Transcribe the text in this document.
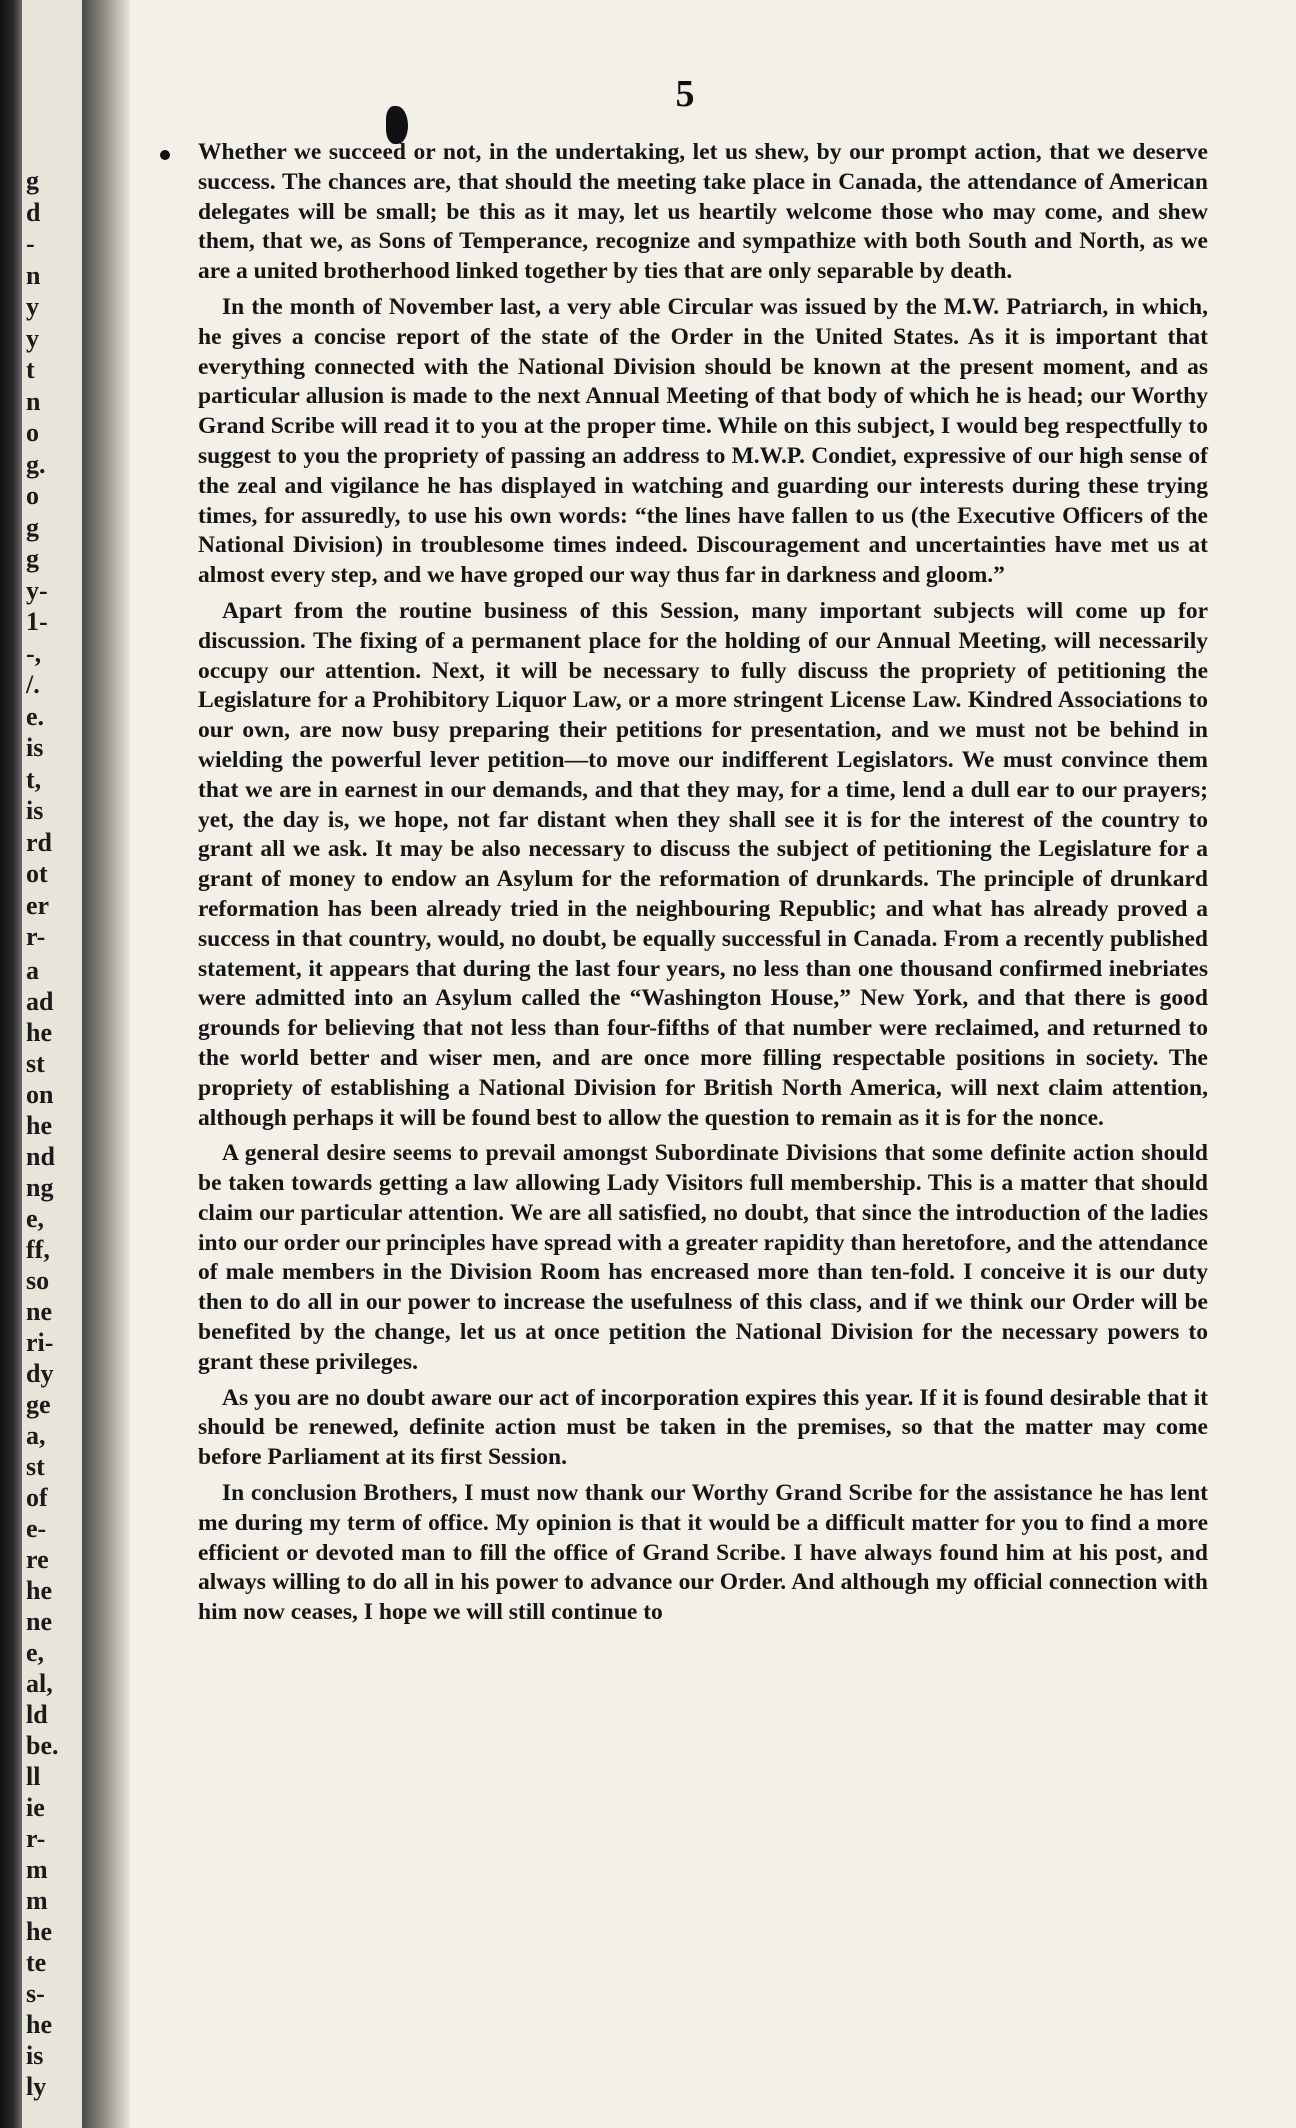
g
d
-
n
y
y
t
n
o
g.
o
g
g
y-
1-
-,
/.
e.
is
t,
is
rd
ot
er
r-
a
ad
he
st
on
he
nd
ng
e,
ff,
so
ne
ri-
dy
ge
a,
st
of
e-
re
he
ne
e,
al,
ld
be.
ll
ie
r-
m
m
he
te
s-
he
is
ly
5

Whether we succeed or not, in the undertaking, let us shew, by our prompt action, that we deserve success. The chances are, that should the meeting take place in Canada, the attendance of American delegates will be small; be this as it may, let us heartily welcome those who may come, and shew them, that we, as Sons of Temperance, recognize and sympathize with both South and North, as we are a united brotherhood linked together by ties that are only separable by death.

In the month of November last, a very able Circular was issued by the M.W. Patriarch, in which, he gives a concise report of the state of the Order in the United States. As it is important that everything connected with the National Division should be known at the present moment, and as particular allusion is made to the next Annual Meeting of that body of which he is head; our Worthy Grand Scribe will read it to you at the proper time. While on this subject, I would beg respectfully to suggest to you the propriety of passing an address to M.W.P. Condiet, expressive of our high sense of the zeal and vigilance he has displayed in watching and guarding our interests during these trying times, for assuredly, to use his own words: “the lines have fallen to us (the Executive Officers of the National Division) in troublesome times indeed. Discouragement and uncertainties have met us at almost every step, and we have groped our way thus far in darkness and gloom.”

Apart from the routine business of this Session, many important subjects will come up for discussion. The fixing of a permanent place for the holding of our Annual Meeting, will necessarily occupy our attention. Next, it will be necessary to fully discuss the propriety of petitioning the Legislature for a Prohibitory Liquor Law, or a more stringent License Law. Kindred Associations to our own, are now busy preparing their petitions for presentation, and we must not be behind in wielding the powerful lever petition—to move our indifferent Legislators. We must convince them that we are in earnest in our demands, and that they may, for a time, lend a dull ear to our prayers; yet, the day is, we hope, not far distant when they shall see it is for the interest of the country to grant all we ask. It may be also necessary to discuss the subject of petitioning the Legislature for a grant of money to endow an Asylum for the reformation of drunkards. The principle of drunkard reformation has been already tried in the neighbouring Republic; and what has already proved a success in that country, would, no doubt, be equally successful in Canada. From a recently published statement, it appears that during the last four years, no less than one thousand confirmed inebriates were admitted into an Asylum called the “Washington House,” New York, and that there is good grounds for believing that not less than four-fifths of that number were reclaimed, and returned to the world better and wiser men, and are once more filling respectable positions in society. The propriety of establishing a National Division for British North America, will next claim attention, although perhaps it will be found best to allow the question to remain as it is for the nonce.

A general desire seems to prevail amongst Subordinate Divisions that some definite action should be taken towards getting a law allowing Lady Visitors full membership. This is a matter that should claim our particular attention. We are all satisfied, no doubt, that since the introduction of the ladies into our order our principles have spread with a greater rapidity than heretofore, and the attendance of male members in the Division Room has encreased more than ten-fold. I conceive it is our duty then to do all in our power to increase the usefulness of this class, and if we think our Order will be benefited by the change, let us at once petition the National Division for the necessary powers to grant these privileges.

As you are no doubt aware our act of incorporation expires this year. If it is found desirable that it should be renewed, definite action must be taken in the premises, so that the matter may come before Parliament at its first Session.

In conclusion Brothers, I must now thank our Worthy Grand Scribe for the assistance he has lent me during my term of office. My opinion is that it would be a difficult matter for you to find a more efficient or devoted man to fill the office of Grand Scribe. I have always found him at his post, and always willing to do all in his power to advance our Order. And although my official connection with him now ceases, I hope we will still continue to
